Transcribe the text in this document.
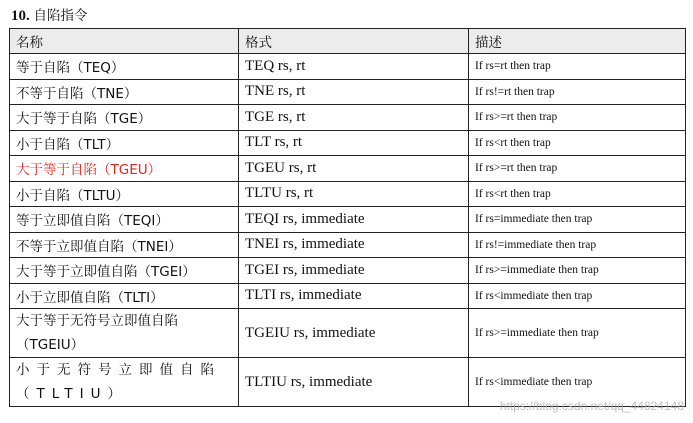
10. 自陷指令
名称	格式	描述
等于自陷（TEQ）	TEQ rs, rt	If rs=rt then trap
不等于自陷（TNE）	TNE rs, rt	If rs!=rt then trap
大于等于自陷（TGE）	TGE rs, rt	If rs>=rt then trap
小于自陷（TLT）	TLT rs, rt	If rs<rt then trap
大于等于自陷（TGEU）	TGEU rs, rt	If rs>=rt then trap
小于自陷（TLTU）	TLTU rs, rt	If rs<rt then trap
等于立即值自陷（TEQI）	TEQI rs, immediate	If rs=immediate then trap
不等于立即值自陷（TNEI）	TNEI rs, immediate	If rs!=immediate then trap
大于等于立即值自陷（TGEI）	TGEI rs, immediate	If rs>=immediate then trap
小于立即值自陷（TLTI）	TLTI rs, immediate	If rs<immediate then trap
大于等于无符号立即值自陷（TGEIU）	TGEIU rs, immediate	If rs>=immediate then trap
小于无符号立即值自陷（TLTIU）	TLTIU rs, immediate	If rs<immediate then trap
https://blog.csdn.net/qq_44824148
